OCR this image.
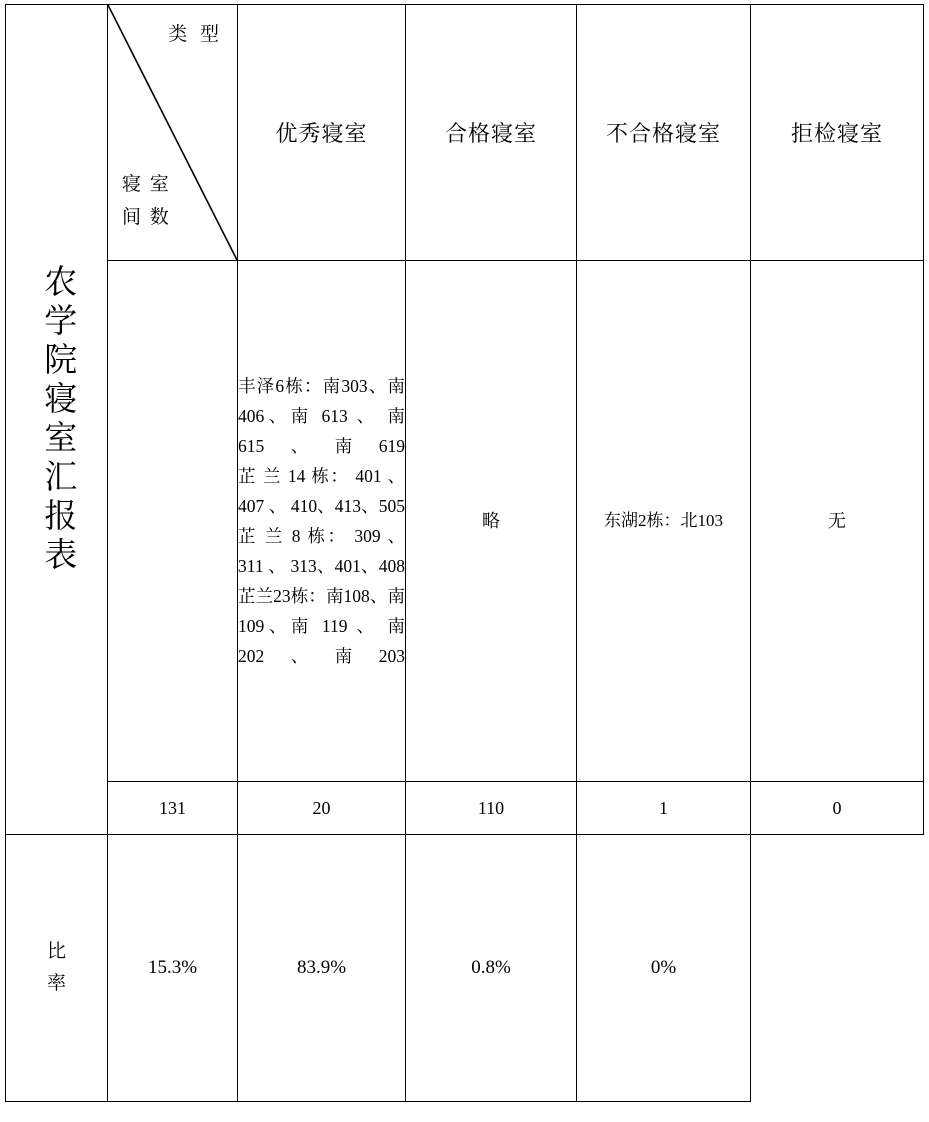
农学院寝室汇报表	类 型
寝 室
间 数	优秀寝室	合格寝室	不合格寝室	拒检寝室

		丰泽6栋：南303、南406、南 613 、 南 615、南619
芷 兰 14 栋： 401 、 407 、 410、413、505
芷 兰 8 栋： 309 、 311 、 313、401、408
芷兰23栋：南108、南109、南 119 、 南 202、南203	略	东湖2栋：北103	无
	131	20	110	1	0
比
率	15.3%	83.9%	0.8%	0%	
